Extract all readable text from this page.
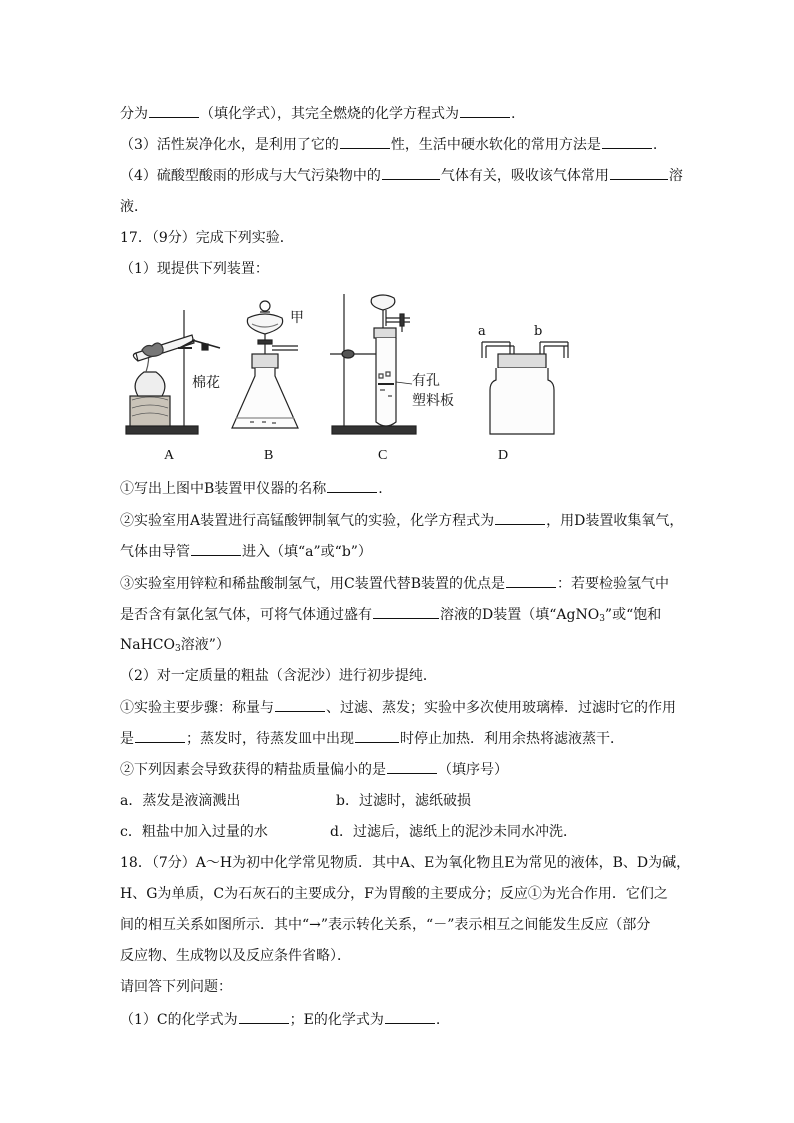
分为	（填化学式），其完全燃烧的化学方程式为	.
（3）活性炭净化水，是利用了它的	性，生活中硬水软化的常用方法是	.
（4）硫酸型酸雨的形成与大气污染物中的	气体有关，吸收该气体常用	溶
液．
17．（9分）完成下列实验．
（1）现提供下列装置：
A	B	C	D
棉花
甲
有孔
塑料板
a	b
①写出上图中B装置甲仪器的名称	.
②实验室用A装置进行高锰酸钾制氧气的实验，化学方程式为	，用D装置收集氧气，
气体由导管	进入（填“a”或“b”）
③实验室用锌粒和稀盐酸制氢气，用C装置代替B装置的优点是	：若要检验氢气中
是否含有氯化氢气体，可将气体通过盛有	溶液的D装置（填“AgNO$_3$”或“饱和
NaHCO$_3$溶液”）
（2）对一定质量的粗盐（含泥沙）进行初步提纯．
①实验主要步骤：称量与	、过滤、蒸发；实验中多次使用玻璃棒．过滤时它的作用
是	；蒸发时，待蒸发皿中出现	时停止加热．利用余热将滤液蒸干．
②下列因素会导致获得的精盐质量偏小的是	（填序号）
a．蒸发是液滴溅出	b．过滤时，滤纸破损
c．粗盐中加入过量的水	d．过滤后，滤纸上的泥沙未同水冲洗．
18．（7分）A～H为初中化学常见物质．其中A、E为氧化物且E为常见的液体，B、D为碱，
H、G为单质，C为石灰石的主要成分，F为胃酸的主要成分；反应①为光合作用．它们之
间的相互关系如图所示．其中“→”表示转化关系，“－”表示相互之间能发生反应（部分
反应物、生成物以及反应条件省略）．
请回答下列问题：
（1）C的化学式为	；E的化学式为	.
